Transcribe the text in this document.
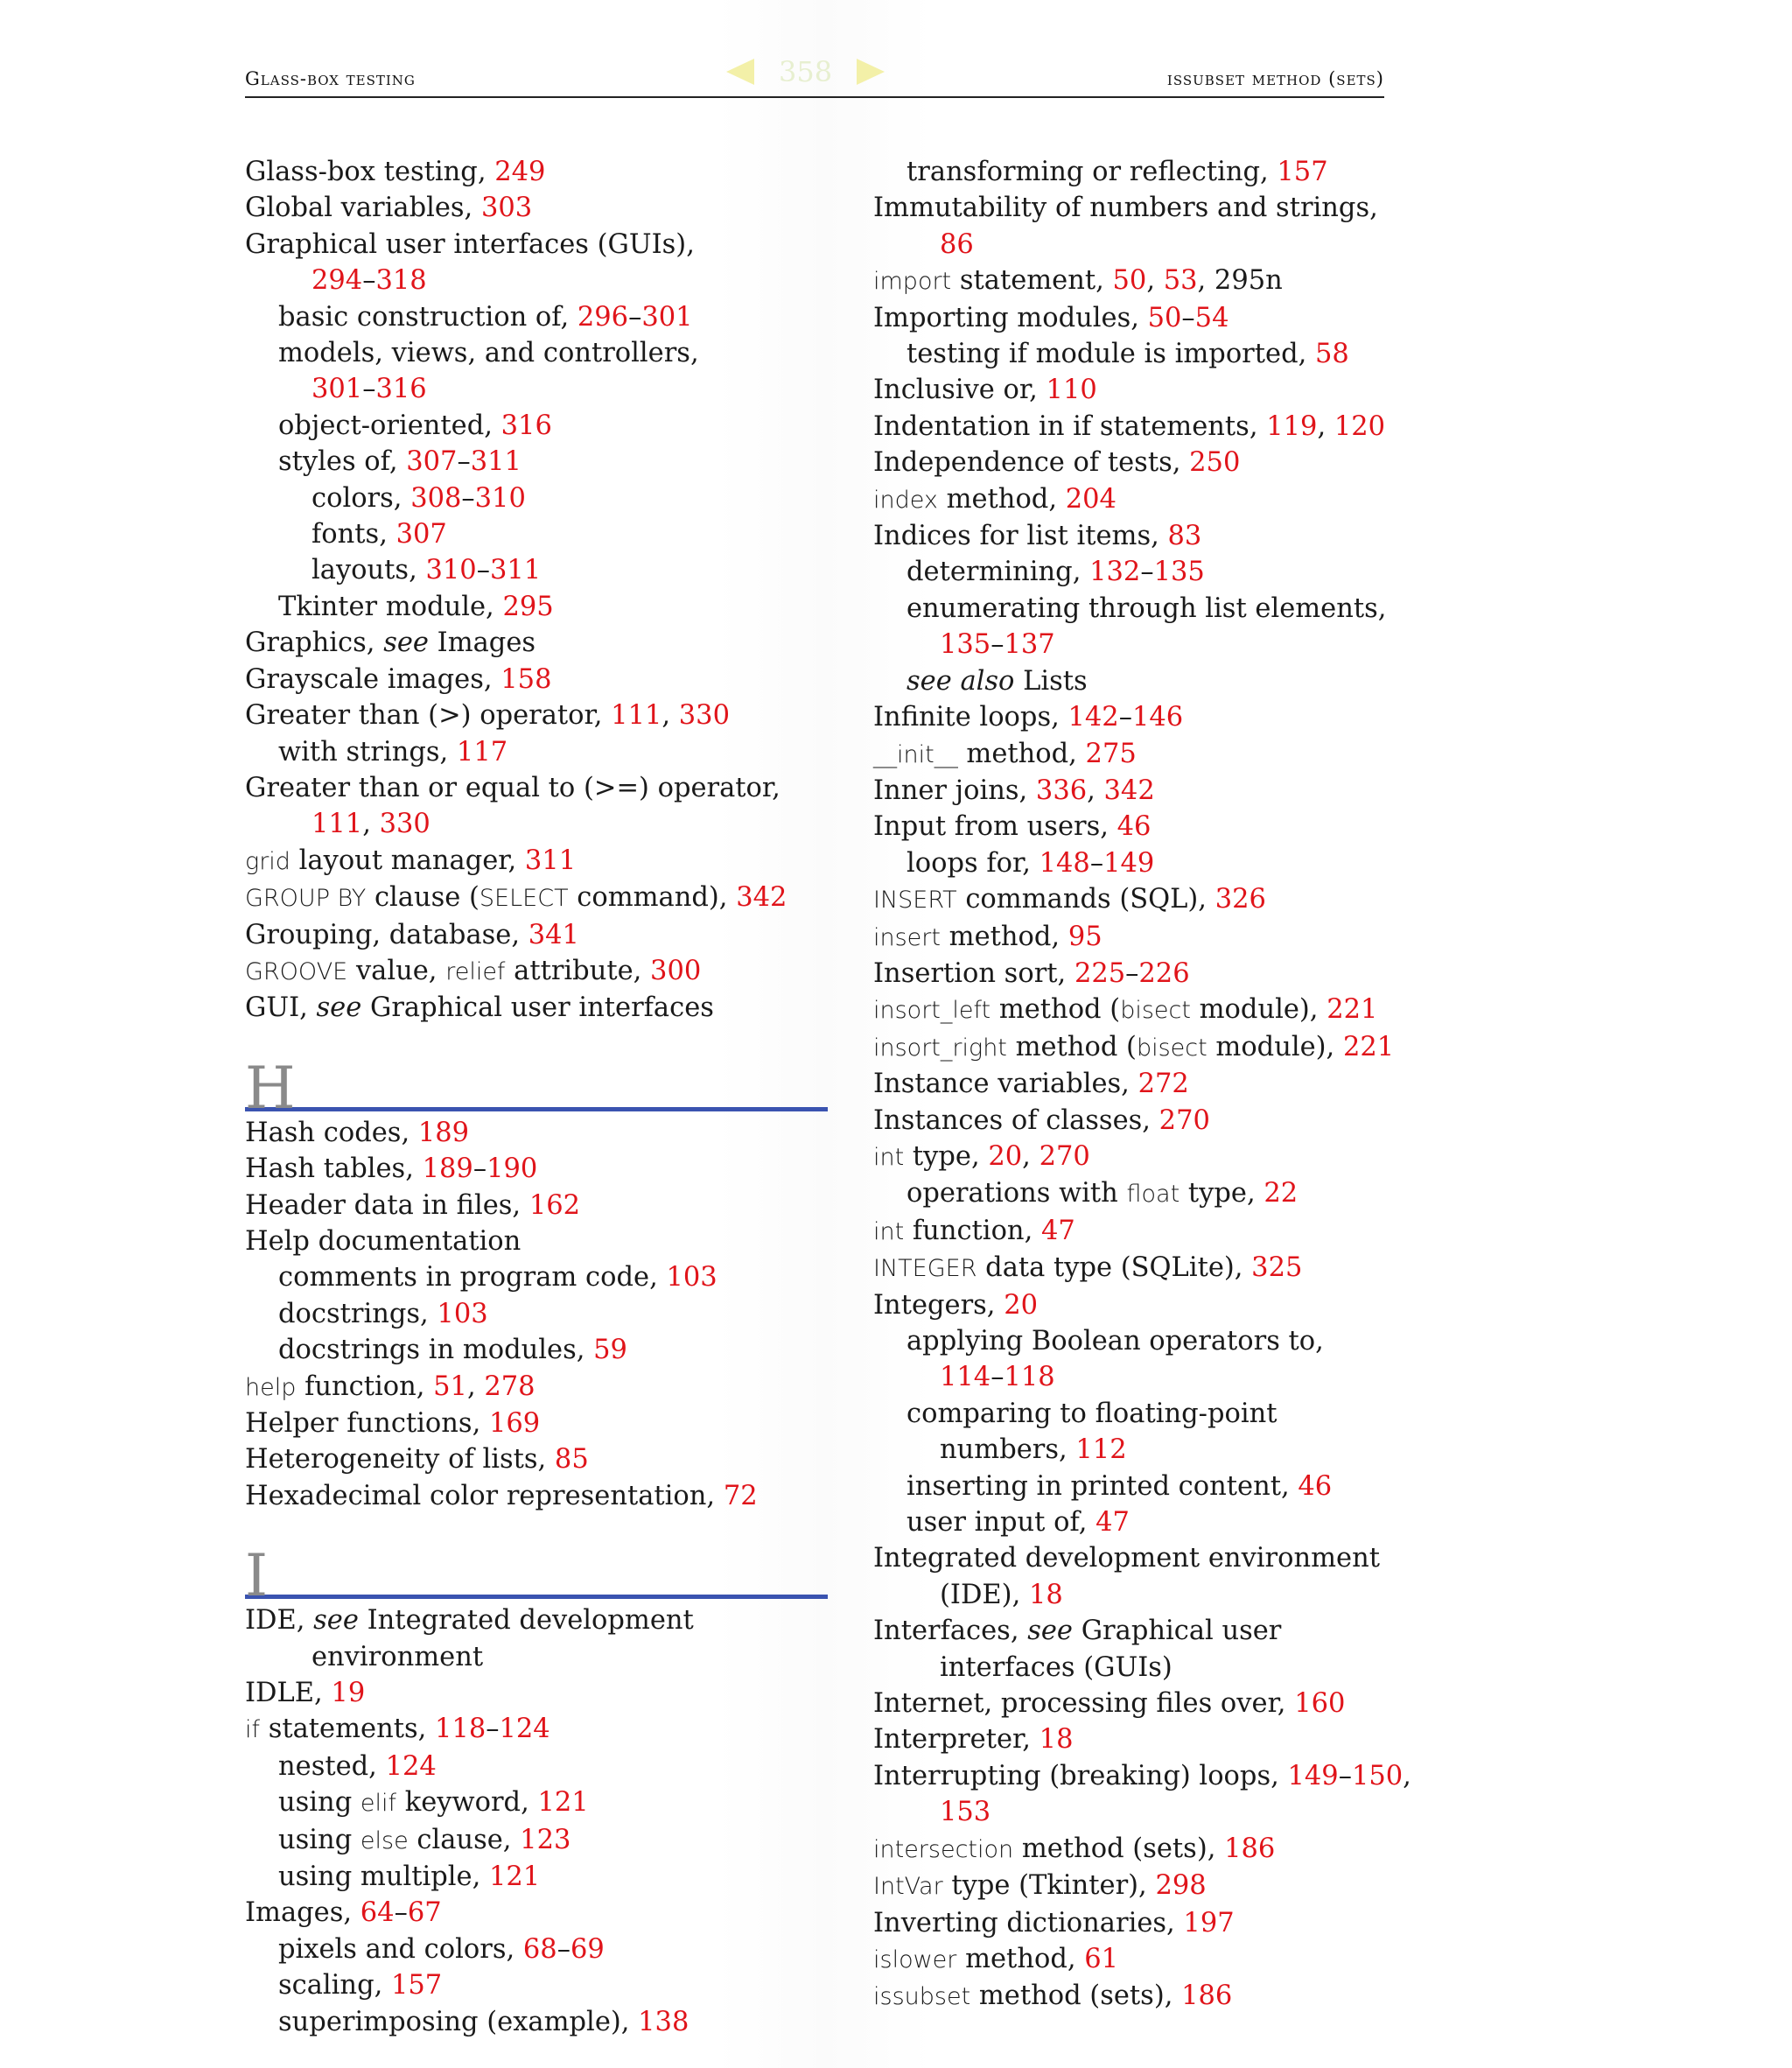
Glass-box testing	issubset method (sets)
358
Glass-box testing, 249
Global variables, 303
Graphical user interfaces (GUIs),
294–318
basic construction of, 296–301
models, views, and controllers,
301–316
object-oriented, 316
styles of, 307–311
colors, 308–310
fonts, 307
layouts, 310–311
Tkinter module, 295
Graphics, see Images
Grayscale images, 158
Greater than (>) operator, 111, 330
with strings, 117
Greater than or equal to (>=) operator,
111, 330
grid layout manager, 311
GROUP BY clause (SELECT command), 342
Grouping, database, 341
GROOVE value, relief attribute, 300
GUI, see Graphical user interfaces
H
Hash codes, 189
Hash tables, 189–190
Header data in files, 162
Help documentation
comments in program code, 103
docstrings, 103
docstrings in modules, 59
help function, 51, 278
Helper functions, 169
Heterogeneity of lists, 85
Hexadecimal color representation, 72
I
IDE, see Integrated development
environment
IDLE, 19
if statements, 118–124
nested, 124
using elif keyword, 121
using else clause, 123
using multiple, 121
Images, 64–67
pixels and colors, 68–69
scaling, 157
superimposing (example), 138
transforming or reflecting, 157
Immutability of numbers and strings,
86
import statement, 50, 53, 295n
Importing modules, 50–54
testing if module is imported, 58
Inclusive or, 110
Indentation in if statements, 119, 120
Independence of tests, 250
index method, 204
Indices for list items, 83
determining, 132–135
enumerating through list elements,
135–137
see also Lists
Infinite loops, 142–146
__init__ method, 275
Inner joins, 336, 342
Input from users, 46
loops for, 148–149
INSERT commands (SQL), 326
insert method, 95
Insertion sort, 225–226
insort_left method (bisect module), 221
insort_right method (bisect module), 221
Instance variables, 272
Instances of classes, 270
int type, 20, 270
operations with float type, 22
int function, 47
INTEGER data type (SQLite), 325
Integers, 20
applying Boolean operators to,
114–118
comparing to floating-point
numbers, 112
inserting in printed content, 46
user input of, 47
Integrated development environment
(IDE), 18
Interfaces, see Graphical user
interfaces (GUIs)
Internet, processing files over, 160
Interpreter, 18
Interrupting (breaking) loops, 149–150,
153
intersection method (sets), 186
IntVar type (Tkinter), 298
Inverting dictionaries, 197
islower method, 61
issubset method (sets), 186
